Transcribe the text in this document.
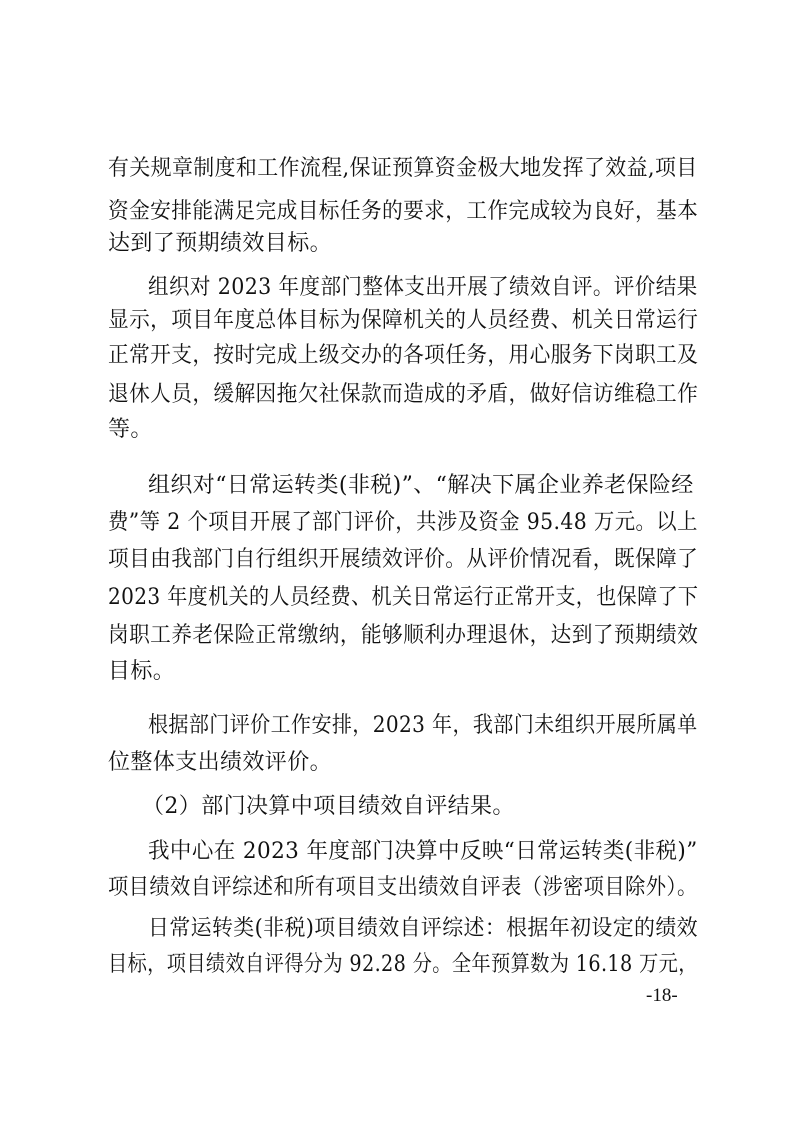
有关规章制度和工作流程,保证预算资金极大地发挥了效益,项目
资金安排能满足完成目标任务的要求，工作完成较为良好，基本
达到了预期绩效目标。
组织对 2023 年度部门整体支出开展了绩效自评。评价结果
显示，项目年度总体目标为保障机关的人员经费、机关日常运行
正常开支，按时完成上级交办的各项任务，用心服务下岗职工及
退休人员，缓解因拖欠社保款而造成的矛盾，做好信访维稳工作
等。
组织对“日常运转类(非税)”、“解决下属企业养老保险经
费”等 2 个项目开展了部门评价，共涉及资金 95.48 万元。以上
项目由我部门自行组织开展绩效评价。从评价情况看，既保障了
2023 年度机关的人员经费、机关日常运行正常开支，也保障了下
岗职工养老保险正常缴纳，能够顺利办理退休，达到了预期绩效
目标。
根据部门评价工作安排，2023 年，我部门未组织开展所属单
位整体支出绩效评价。
（2）部门决算中项目绩效自评结果。
我中心在 2023 年度部门决算中反映“日常运转类(非税)”
项目绩效自评综述和所有项目支出绩效自评表（涉密项目除外）。
日常运转类(非税)项目绩效自评综述：根据年初设定的绩效
目标，项目绩效自评得分为 92.28 分。全年预算数为 16.18 万元，
-18-
